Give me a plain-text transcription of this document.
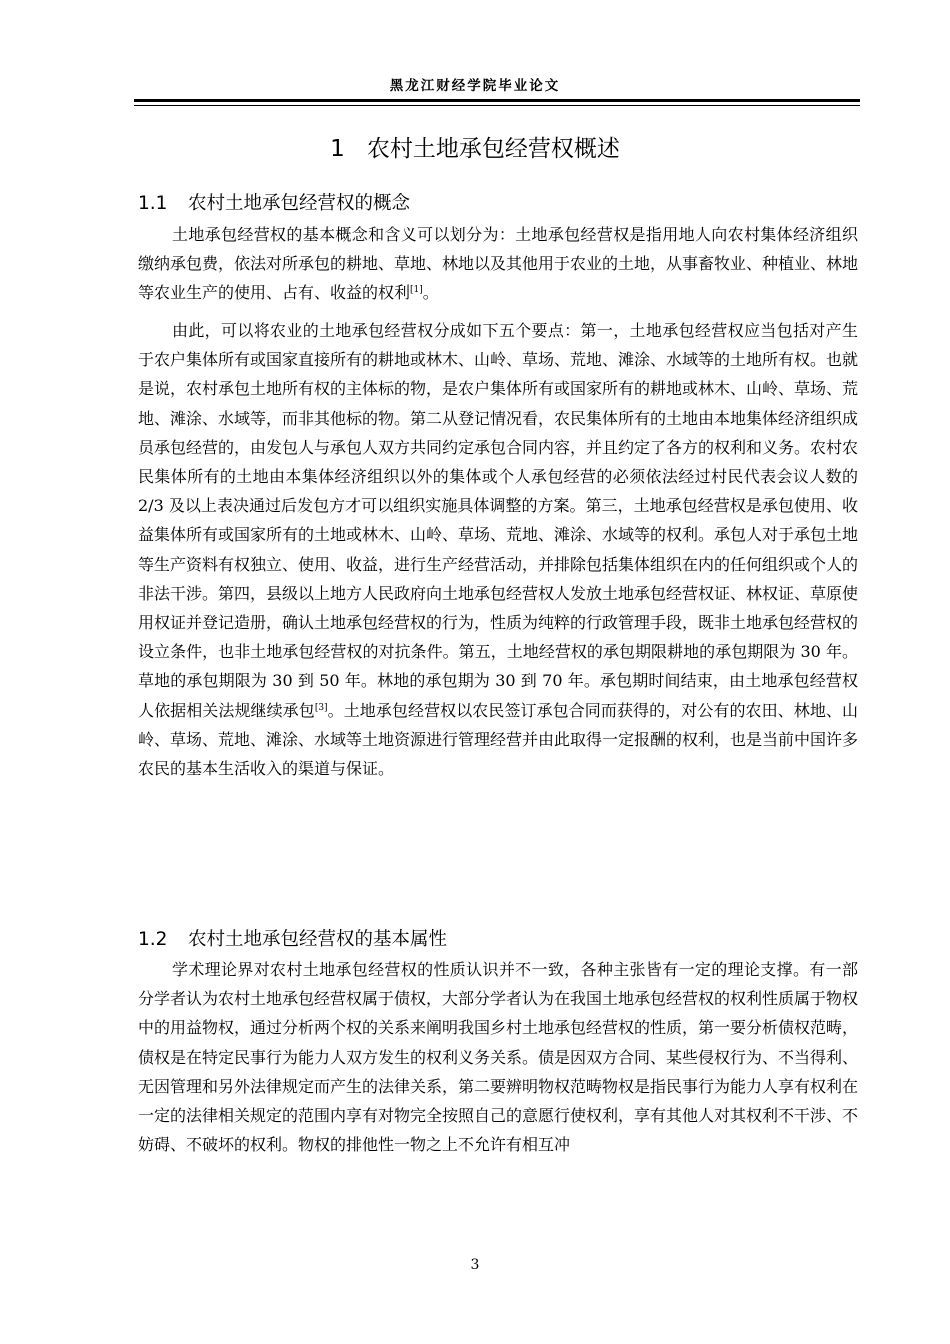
黑龙江财经学院毕业论文
1 农村土地承包经营权概述
1.1 农村土地承包经营权的概念

土地承包经营权的基本概念和含义可以划分为：土地承包经营权是指用地人向农村集体经济组织缴纳承包费，依法对所承包的耕地、草地、林地以及其他用于农业的土地，从事畜牧业、种植业、林地等农业生产的使用、占有、收益的权利[1]。

由此，可以将农业的土地承包经营权分成如下五个要点：第一，土地承包经营权应当包括对产生于农户集体所有或国家直接所有的耕地或林木、山岭、草场、荒地、滩涂、水域等的土地所有权。也就是说，农村承包土地所有权的主体标的物，是农户集体所有或国家所有的耕地或林木、山岭、草场、荒地、滩涂、水域等，而非其他标的物。第二从登记情况看，农民集体所有的土地由本地集体经济组织成员承包经营的，由发包人与承包人双方共同约定承包合同内容，并且约定了各方的权利和义务。农村农民集体所有的土地由本集体经济组织以外的集体或个人承包经营的必须依法经过村民代表会议人数的 2/3 及以上表决通过后发包方才可以组织实施具体调整的方案。第三，土地承包经营权是承包使用、收益集体所有或国家所有的土地或林木、山岭、草场、荒地、滩涂、水域等的权利。承包人对于承包土地等生产资料有权独立、使用、收益，进行生产经营活动，并排除包括集体组织在内的任何组织或个人的非法干涉。第四，县级以上地方人民政府向土地承包经营权人发放土地承包经营权证、林权证、草原使用权证并登记造册，确认土地承包经营权的行为，性质为纯粹的行政管理手段，既非土地承包经营权的设立条件，也非土地承包经营权的对抗条件。第五，土地经营权的承包期限耕地的承包期限为 30 年。草地的承包期限为 30 到 50 年。林地的承包期为 30 到 70 年。承包期时间结束，由土地承包经营权人依据相关法规继续承包[3]。土地承包经营权以农民签订承包合同而获得的，对公有的农田、林地、山岭、草场、荒地、滩涂、水域等土地资源进行管理经营并由此取得一定报酬的权利，也是当前中国许多农民的基本生活收入的渠道与保证。

1.2 农村土地承包经营权的基本属性

学术理论界对农村土地承包经营权的性质认识并不一致，各种主张皆有一定的理论支撑。有一部分学者认为农村土地承包经营权属于债权，大部分学者认为在我国土地承包经营权的权利性质属于物权中的用益物权，通过分析两个权的关系来阐明我国乡村土地承包经营权的性质，第一要分析债权范畴，债权是在特定民事行为能力人双方发生的权利义务关系。债是因双方合同、某些侵权行为、不当得利、无因管理和另外法律规定而产生的法律关系，第二要辨明物权范畴物权是指民事行为能力人享有权利在一定的法律相关规定的范围内享有对物完全按照自己的意愿行使权利，享有其他人对其权利不干涉、不妨碍、不破坏的权利。物权的排他性一物之上不允许有相互冲

3
